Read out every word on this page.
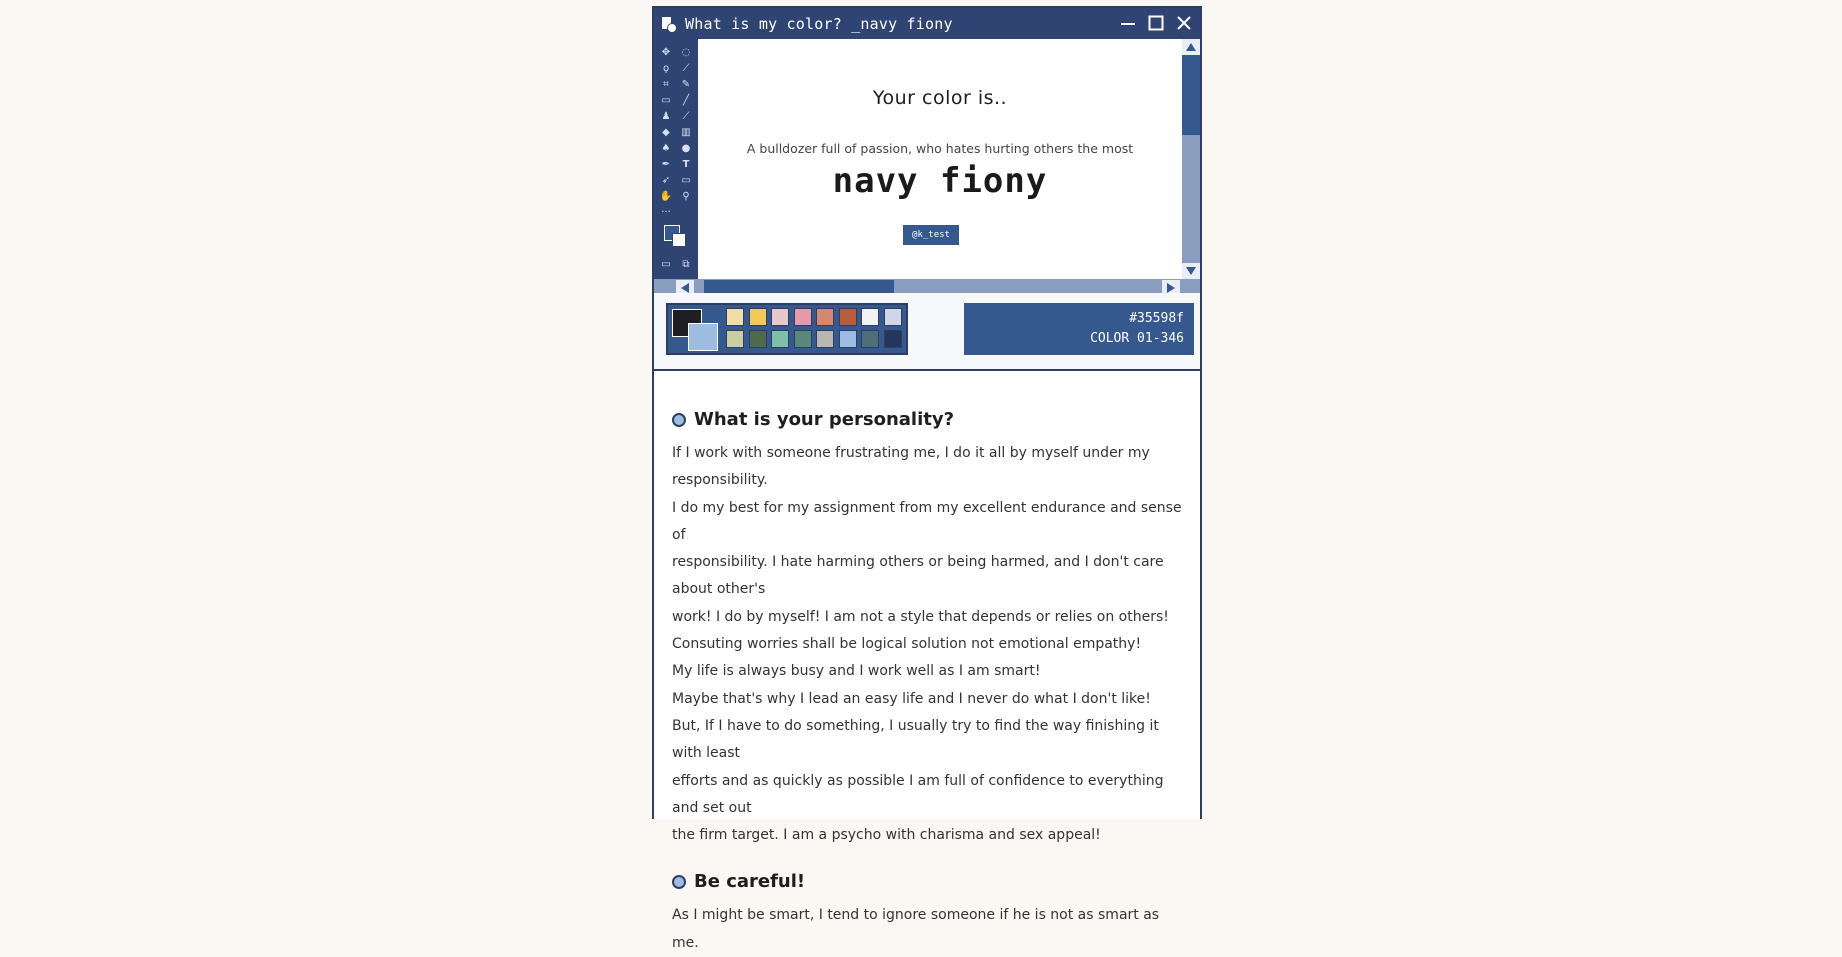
What is my color? _navy fiony
✥ ◌
ϙ	⟋
⌗	✎
▭	╱
♟	⟋
◆	▥
♠ ●
✒	T
➶ ▭
✋	⚲
···
▭	⧉
Your color is..
A bulldozer full of passion, who hates hurting others the most
navy fiony
@k_test
#35598f
COLOR 01-346
What is your personality?

If I work with someone frustrating me, I do it all by myself under my responsibility.

I do my best for my assignment from my excellent endurance and sense of

responsibility. I hate harming others or being harmed, and I don't care about other's

work! I do by myself! I am not a style that depends or relies on others!

Consuting worries shall be logical solution not emotional empathy!

My life is always busy and I work well as I am smart!

Maybe that's why I lead an easy life and I never do what I don't like!

But, If I have to do something, I usually try to find the way finishing it with least

efforts and as quickly as possible I am full of confidence to everything and set out

the firm target. I am a psycho with charisma and sex appeal!

Be careful!

As I might be smart, I tend to ignore someone if he is not as smart as me.
